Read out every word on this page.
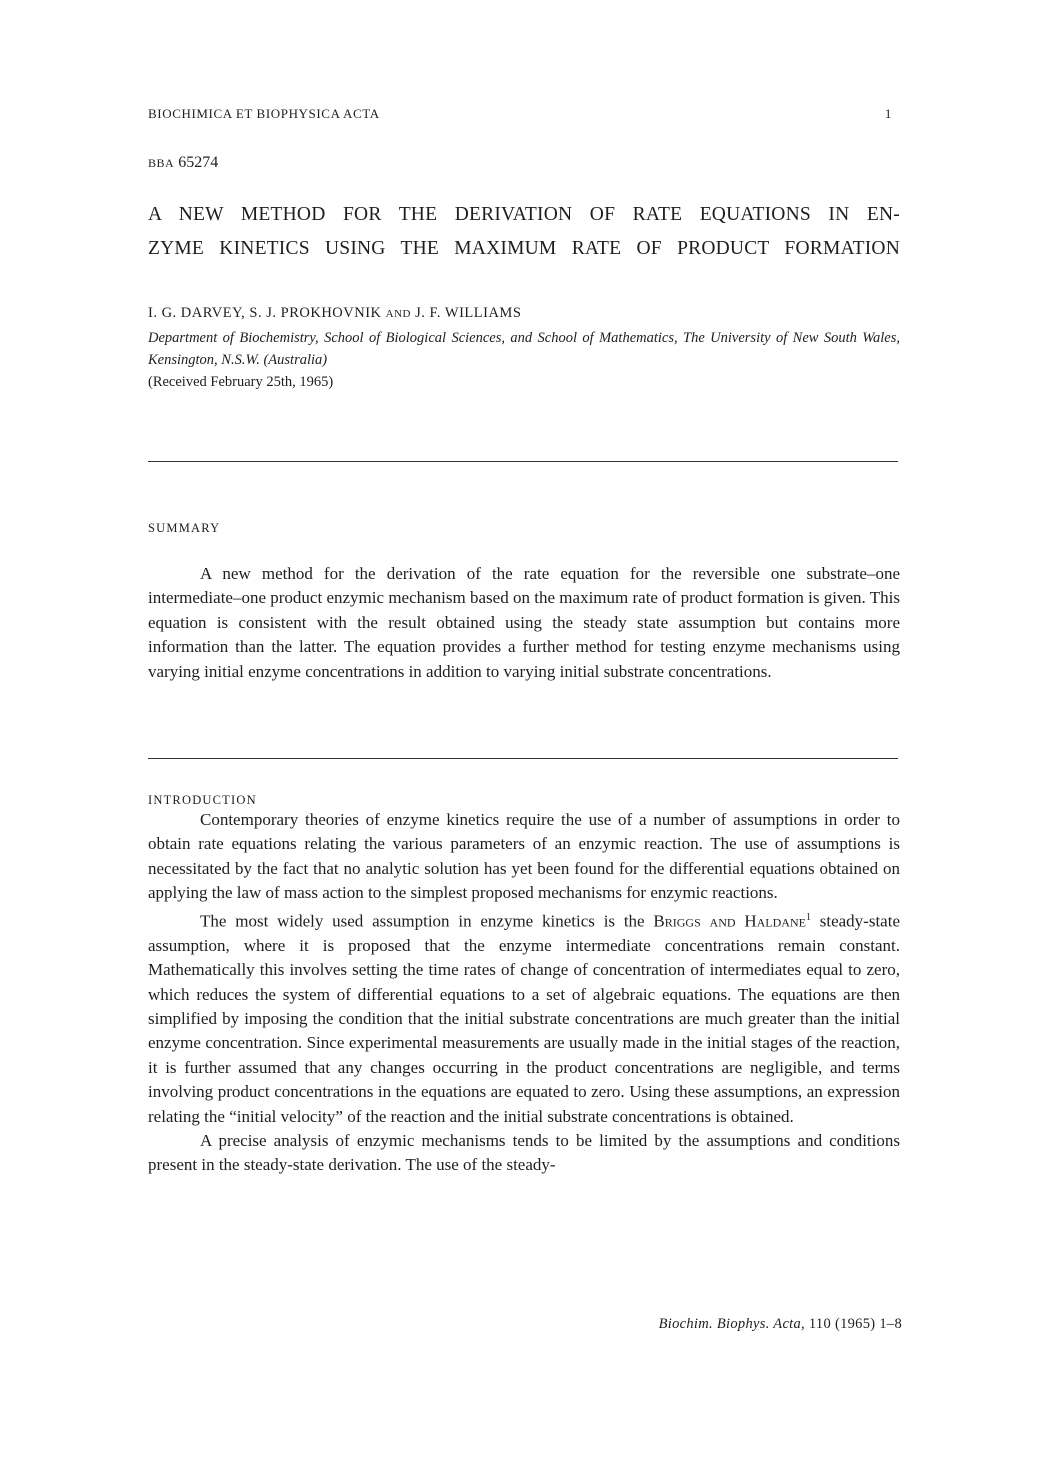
BIOCHIMICA ET BIOPHYSICA ACTA	1
BBA 65274
A NEW METHOD FOR THE DERIVATION OF RATE EQUATIONS IN EN-
ZYME KINETICS USING THE MAXIMUM RATE OF PRODUCT FORMATION
I. G. DARVEY, S. J. PROKHOVNIK AND J. F. WILLIAMS
Department of Biochemistry, School of Biological Sciences, and School of Mathematics, The University of New South Wales, Kensington, N.S.W. (Australia)
(Received February 25th, 1965)
SUMMARY

A new method for the derivation of the rate equation for the reversible one substrate–one intermediate–one product enzymic mechanism based on the maximum rate of product formation is given. This equation is consistent with the result obtained using the steady state assumption but contains more information than the latter. The equation provides a further method for testing enzyme mechanisms using varying initial enzyme concentrations in addition to varying initial substrate concentrations.

INTRODUCTION

Contemporary theories of enzyme kinetics require the use of a number of assumptions in order to obtain rate equations relating the various parameters of an enzymic reaction. The use of assumptions is necessitated by the fact that no analytic solution has yet been found for the differential equations obtained on applying the law of mass action to the simplest proposed mechanisms for enzymic reactions.

The most widely used assumption in enzyme kinetics is the Briggs and Haldane$^1$ steady-state assumption, where it is proposed that the enzyme intermediate concentrations remain constant. Mathematically this involves setting the time rates of change of concentration of intermediates equal to zero, which reduces the system of differential equations to a set of algebraic equations. The equations are then simplified by imposing the condition that the initial substrate concentrations are much greater than the initial enzyme concentration. Since experimental measurements are usually made in the initial stages of the reaction, it is further assumed that any changes occurring in the product concentrations are negligible, and terms involving product concentrations in the equations are equated to zero. Using these assumptions, an expression relating the “initial velocity” of the reaction and the initial substrate concentrations is obtained.

A precise analysis of enzymic mechanisms tends to be limited by the assumptions and conditions present in the steady-state derivation. The use of the steady-

Biochim. Biophys. Acta, 110 (1965) 1–8
